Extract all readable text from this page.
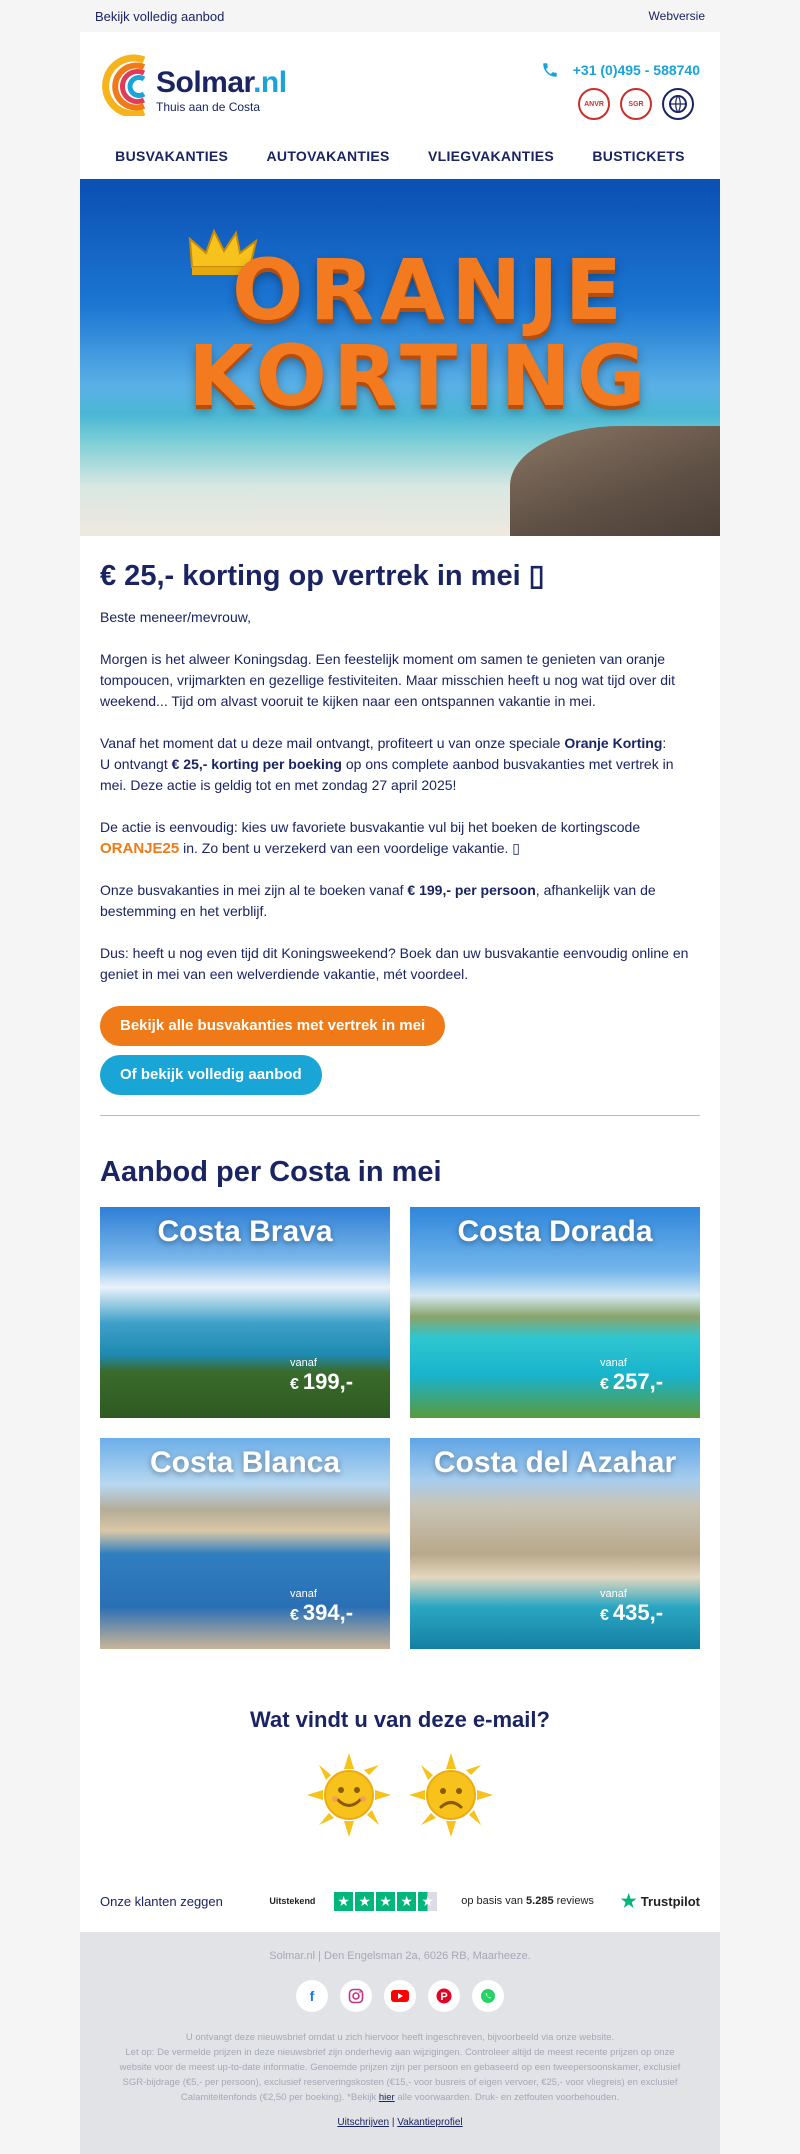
Bekijk volledig aanbod	Webversie
Solmar.nl
Thuis aan de Costa
+31 (0)495 - 588740
ANVR	SGR
BUSVAKANTIES	AUTOVAKANTIES	VLIEGVAKANTIES	BUSTICKETS
ORANJE
KORTING
€ 25,- korting op vertrek in mei ▯

Beste meneer/mevrouw,

Morgen is het alweer Koningsdag. Een feestelijk moment om samen te genieten van oranje tompoucen, vrijmarkten en gezellige festiviteiten. Maar misschien heeft u nog wat tijd over dit weekend... Tijd om alvast vooruit te kijken naar een ontspannen vakantie in mei.

Vanaf het moment dat u deze mail ontvangt, profiteert u van onze speciale Oranje Korting:
U ontvangt € 25,- korting per boeking op ons complete aanbod busvakanties met vertrek in mei. Deze actie is geldig tot en met zondag 27 april 2025!

De actie is eenvoudig: kies uw favoriete busvakantie vul bij het boeken de kortingscode ORANJE25 in. Zo bent u verzekerd van een voordelige vakantie. ▯

Onze busvakanties in mei zijn al te boeken vanaf € 199,- per persoon, afhankelijk van de bestemming en het verblijf.

Dus: heeft u nog even tijd dit Koningsweekend? Boek dan uw busvakantie eenvoudig online en geniet in mei van een welverdiende vakantie, mét voordeel.

Bekijk alle busvakanties met vertrek in mei
Of bekijk volledig aanbod
Aanbod per Costa in mei
Costa Brava
vanaf
€ 199,-
Costa Dorada
vanaf
€ 257,-
Costa Blanca
vanaf
€ 394,-
Costa del Azahar
vanaf
€ 435,-
Wat vindt u van deze e-mail?
Onze klanten zeggen	Uitstekend	★ ★ ★ ★ ★ op basis van 5.285 reviews	★ Trustpilot
Solmar.nl | Den Engelsman 2a, 6026 RB, Maarheeze.
f	P
U ontvangt deze nieuwsbrief omdat u zich hiervoor heeft ingeschreven, bijvoorbeeld via onze website.
Let op: De vermelde prijzen in deze nieuwsbrief zijn onderhevig aan wijzigingen. Controleer altijd de meest recente prijzen op onze website voor de meest up-to-date informatie. Genoemde prijzen zijn per persoon en gebaseerd op een tweepersoonskamer, exclusief SGR-bijdrage (€5,- per persoon), exclusief reserveringskosten (€15,- voor busreis of eigen vervoer, €25,- voor vliegreis) en exclusief Calamiteitenfonds (€2,50 per boeking). *Bekijk hier alle voorwaarden. Druk- en zetfouten voorbehouden.
Uitschrijven | Vakantieprofiel
